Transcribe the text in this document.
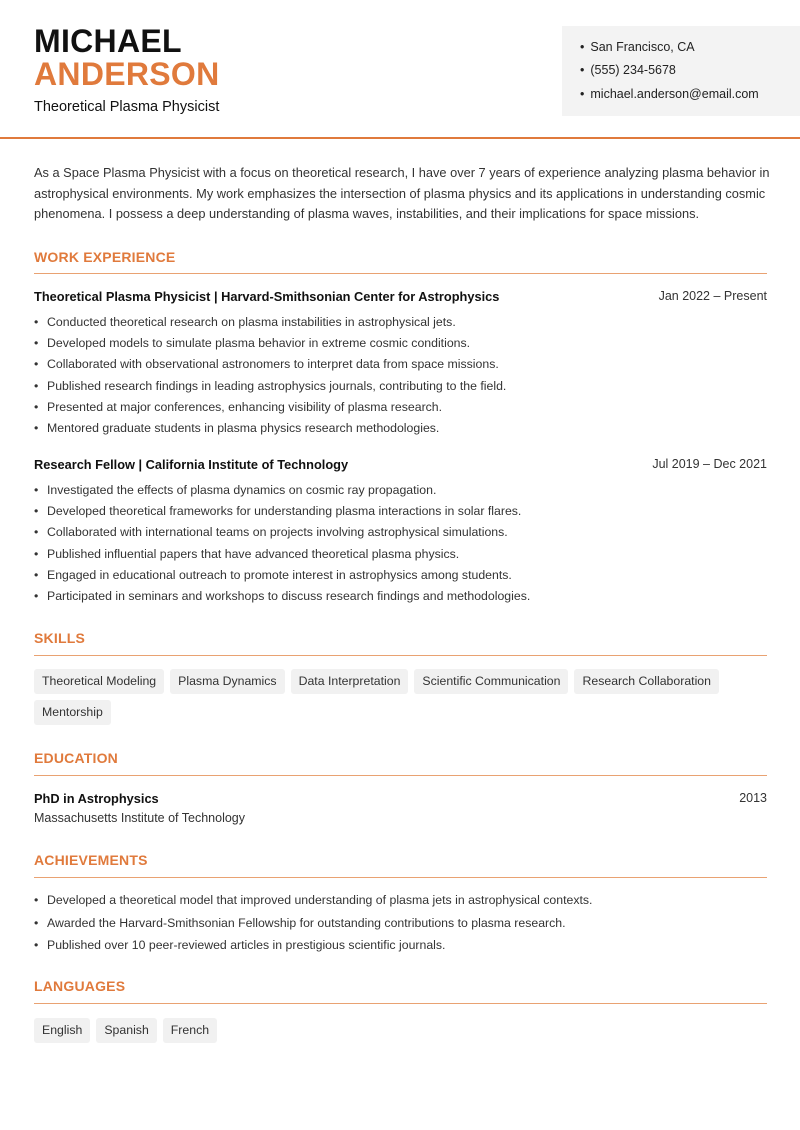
MICHAEL
ANDERSON
Theoretical Plasma Physicist
• San Francisco, CA
• (555) 234-5678
• michael.anderson@email.com
As a Space Plasma Physicist with a focus on theoretical research, I have over 7 years of experience analyzing plasma behavior in astrophysical environments. My work emphasizes the intersection of plasma physics and its applications in understanding cosmic phenomena. I possess a deep understanding of plasma waves, instabilities, and their implications for space missions.
WORK EXPERIENCE
Theoretical Plasma Physicist | Harvard-Smithsonian Center for Astrophysics	Jan 2022 – Present
• Conducted theoretical research on plasma instabilities in astrophysical jets.
• Developed models to simulate plasma behavior in extreme cosmic conditions.
• Collaborated with observational astronomers to interpret data from space missions.
• Published research findings in leading astrophysics journals, contributing to the field.
• Presented at major conferences, enhancing visibility of plasma research.
• Mentored graduate students in plasma physics research methodologies.
Research Fellow | California Institute of Technology	Jul 2019 – Dec 2021
• Investigated the effects of plasma dynamics on cosmic ray propagation.
• Developed theoretical frameworks for understanding plasma interactions in solar flares.
• Collaborated with international teams on projects involving astrophysical simulations.
• Published influential papers that have advanced theoretical plasma physics.
• Engaged in educational outreach to promote interest in astrophysics among students.
• Participated in seminars and workshops to discuss research findings and methodologies.
SKILLS
Theoretical Modeling Plasma Dynamics Data Interpretation Scientific Communication Research Collaboration
Mentorship
EDUCATION
PhD in Astrophysics	2013
Massachusetts Institute of Technology
ACHIEVEMENTS
• Developed a theoretical model that improved understanding of plasma jets in astrophysical contexts.
• Awarded the Harvard-Smithsonian Fellowship for outstanding contributions to plasma research.
• Published over 10 peer-reviewed articles in prestigious scientific journals.
LANGUAGES
English Spanish French
